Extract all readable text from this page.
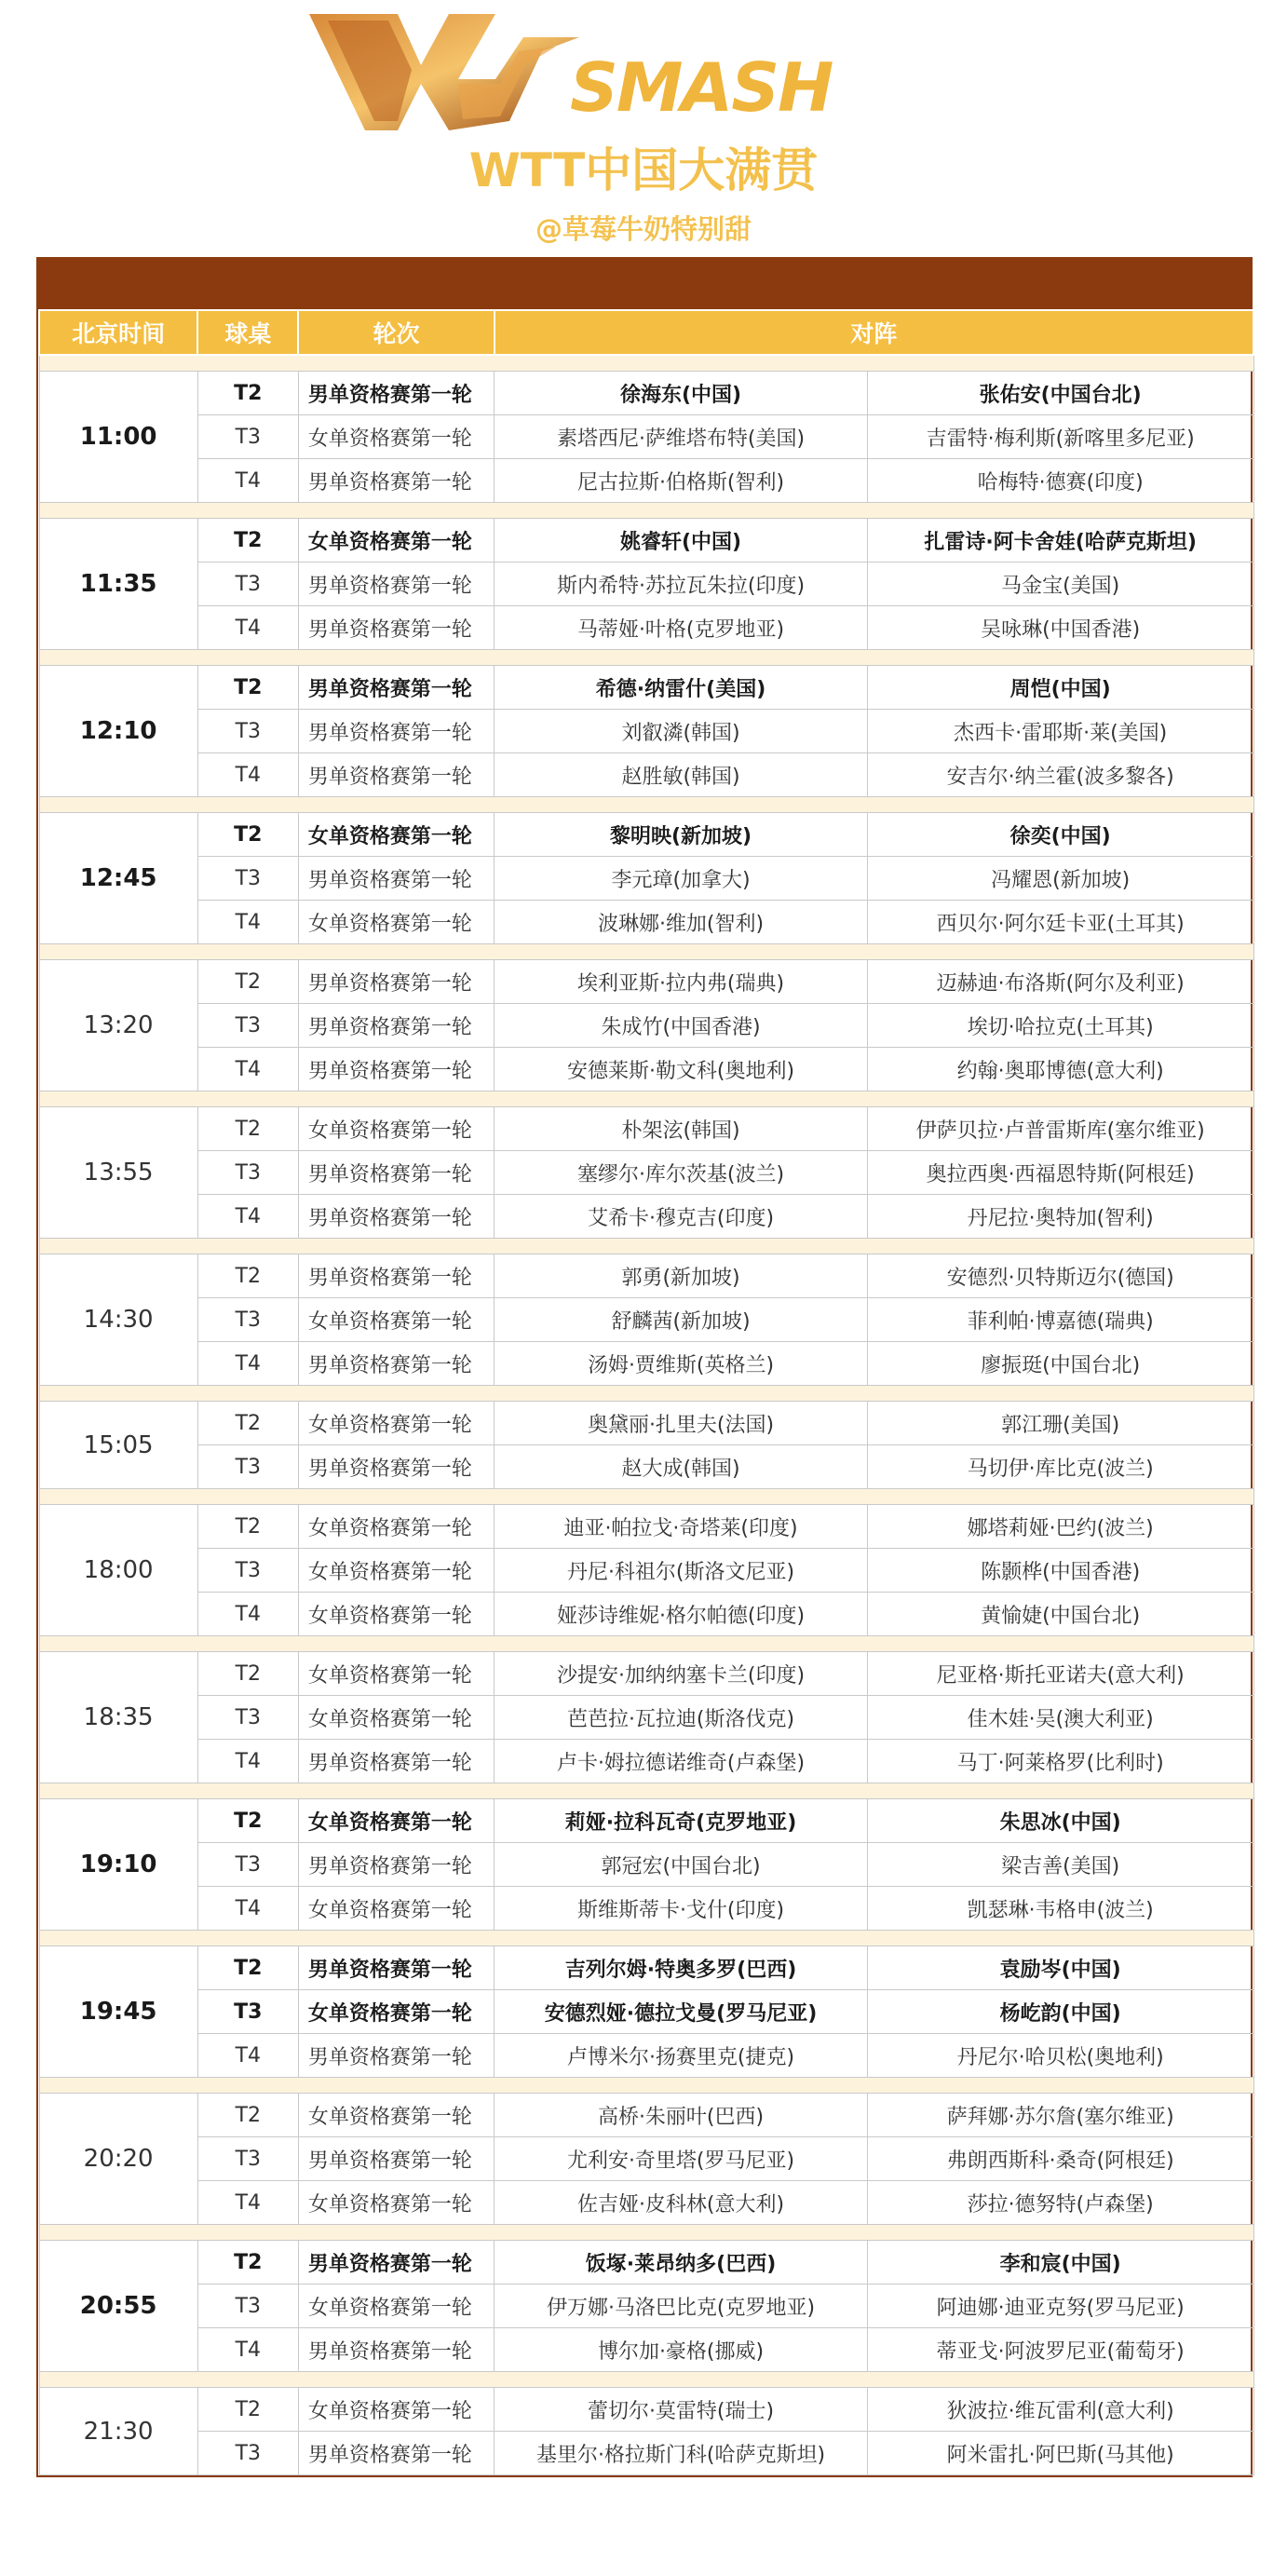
SMASH
WTT中国大满贯
@草莓牛奶特别甜
北京时间	球桌	轮次	对阵	

11:00	T2	男单资格赛第一轮	徐海东(中国)	张佑安(中国台北)
	T3	女单资格赛第一轮	素塔西尼·萨维塔布特(美国)	吉雷特·梅利斯(新喀里多尼亚)
	T4	男单资格赛第一轮	尼古拉斯·伯格斯(智利)	哈梅特·德赛(印度)

11:35	T2	女单资格赛第一轮	姚睿轩(中国)	扎雷诗·阿卡舍娃(哈萨克斯坦)
	T3	男单资格赛第一轮	斯内希特·苏拉瓦朱拉(印度)	马金宝(美国)
	T4	男单资格赛第一轮	马蒂娅·叶格(克罗地亚)	吴咏琳(中国香港)

12:10	T2	男单资格赛第一轮	希德·纳雷什(美国)	周恺(中国)
	T3	男单资格赛第一轮	刘叡潾(韩国)	杰西卡·雷耶斯·莱(美国)
	T4	男单资格赛第一轮	赵胜敏(韩国)	安吉尔·纳兰霍(波多黎各)

12:45	T2	女单资格赛第一轮	黎明映(新加坡)	徐奕(中国)
	T3	男单资格赛第一轮	李元璋(加拿大)	冯耀恩(新加坡)
	T4	女单资格赛第一轮	波琳娜·维加(智利)	西贝尔·阿尔廷卡亚(土耳其)

13:20	T2	男单资格赛第一轮	埃利亚斯·拉内弗(瑞典)	迈赫迪·布洛斯(阿尔及利亚)
	T3	男单资格赛第一轮	朱成竹(中国香港)	埃切·哈拉克(土耳其)
	T4	男单资格赛第一轮	安德莱斯·勒文科(奥地利)	约翰·奥耶博德(意大利)

13:55	T2	女单资格赛第一轮	朴架泫(韩国)	伊萨贝拉·卢普雷斯库(塞尔维亚)
	T3	男单资格赛第一轮	塞缪尔·库尔茨基(波兰)	奥拉西奥·西福恩特斯(阿根廷)
	T4	男单资格赛第一轮	艾希卡·穆克吉(印度)	丹尼拉·奥特加(智利)

14:30	T2	男单资格赛第一轮	郭勇(新加坡)	安德烈·贝特斯迈尔(德国)
	T3	女单资格赛第一轮	舒麟茜(新加坡)	菲利帕·博嘉德(瑞典)
	T4	男单资格赛第一轮	汤姆·贾维斯(英格兰)	廖振珽(中国台北)

15:05	T2	女单资格赛第一轮	奥黛丽·扎里夫(法国)	郭江珊(美国)
	T3	男单资格赛第一轮	赵大成(韩国)	马切伊·库比克(波兰)

18:00	T2	女单资格赛第一轮	迪亚·帕拉戈·奇塔莱(印度)	娜塔莉娅·巴约(波兰)
	T3	女单资格赛第一轮	丹尼·科祖尔(斯洛文尼亚)	陈颢桦(中国香港)
	T4	女单资格赛第一轮	娅莎诗维妮·格尔帕德(印度)	黄愉婕(中国台北)

18:35	T2	女单资格赛第一轮	沙提安·加纳纳塞卡兰(印度)	尼亚格·斯托亚诺夫(意大利)
	T3	女单资格赛第一轮	芭芭拉·瓦拉迪(斯洛伐克)	佳木娃·吴(澳大利亚)
	T4	男单资格赛第一轮	卢卡·姆拉德诺维奇(卢森堡)	马丁·阿莱格罗(比利时)

19:10	T2	女单资格赛第一轮	莉娅·拉科瓦奇(克罗地亚)	朱思冰(中国)
	T3	男单资格赛第一轮	郭冠宏(中国台北)	梁吉善(美国)
	T4	女单资格赛第一轮	斯维斯蒂卡·戈什(印度)	凯瑟琳·韦格申(波兰)

19:45	T2	男单资格赛第一轮	吉列尔姆·特奥多罗(巴西)	袁励岑(中国)
	T3	女单资格赛第一轮	安德烈娅·德拉戈曼(罗马尼亚)	杨屹韵(中国)
	T4	男单资格赛第一轮	卢博米尔·扬赛里克(捷克)	丹尼尔·哈贝松(奥地利)

20:20	T2	女单资格赛第一轮	高桥·朱丽叶(巴西)	萨拜娜·苏尔詹(塞尔维亚)
	T3	男单资格赛第一轮	尤利安·奇里塔(罗马尼亚)	弗朗西斯科·桑奇(阿根廷)
	T4	女单资格赛第一轮	佐吉娅·皮科林(意大利)	莎拉·德努特(卢森堡)

20:55	T2	男单资格赛第一轮	饭塚·莱昂纳多(巴西)	李和宸(中国)
	T3	女单资格赛第一轮	伊万娜·马洛巴比克(克罗地亚)	阿迪娜·迪亚克努(罗马尼亚)
	T4	男单资格赛第一轮	博尔加·豪格(挪威)	蒂亚戈·阿波罗尼亚(葡萄牙)

21:30	T2	女单资格赛第一轮	蕾切尔·莫雷特(瑞士)	狄波拉·维瓦雷利(意大利)
	T3	男单资格赛第一轮	基里尔·格拉斯门科(哈萨克斯坦)	阿米雷扎·阿巴斯(马其他)
